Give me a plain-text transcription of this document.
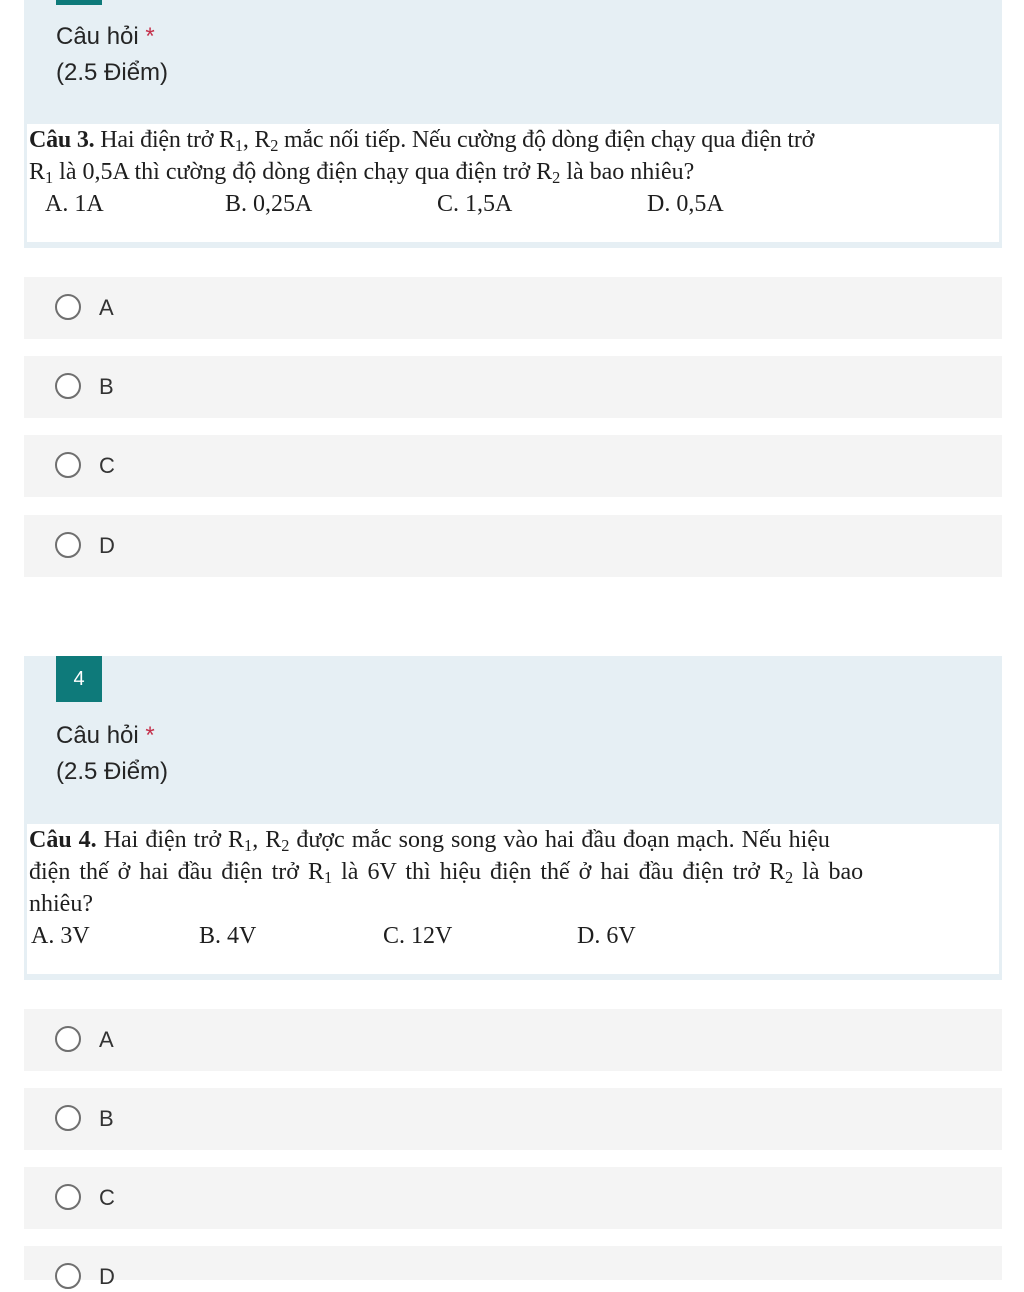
Câu hỏi *
(2.5 Điểm)
Câu 3. Hai điện trở $R_1$, $R_2$ mắc nối tiếp. Nếu cường độ dòng điện chạy qua điện trở
$R_1$ là 0,5A thì cường độ dòng điện chạy qua điện trở $R_2$ là bao nhiêu?
A. 1A	B. 0,25A	C. 1,5A	D. 0,5A
A
B
C
D
4
Câu hỏi *
(2.5 Điểm)
Câu 4. Hai điện trở $R_1$, $R_2$ được mắc song song vào hai đầu đoạn mạch. Nếu hiệu
điện thế ở hai đầu điện trở $R_1$ là 6V thì hiệu điện thế ở hai đầu điện trở $R_2$ là bao
nhiêu?
A. 3V	B. 4V	C. 12V	D. 6V
A
B
C
D
